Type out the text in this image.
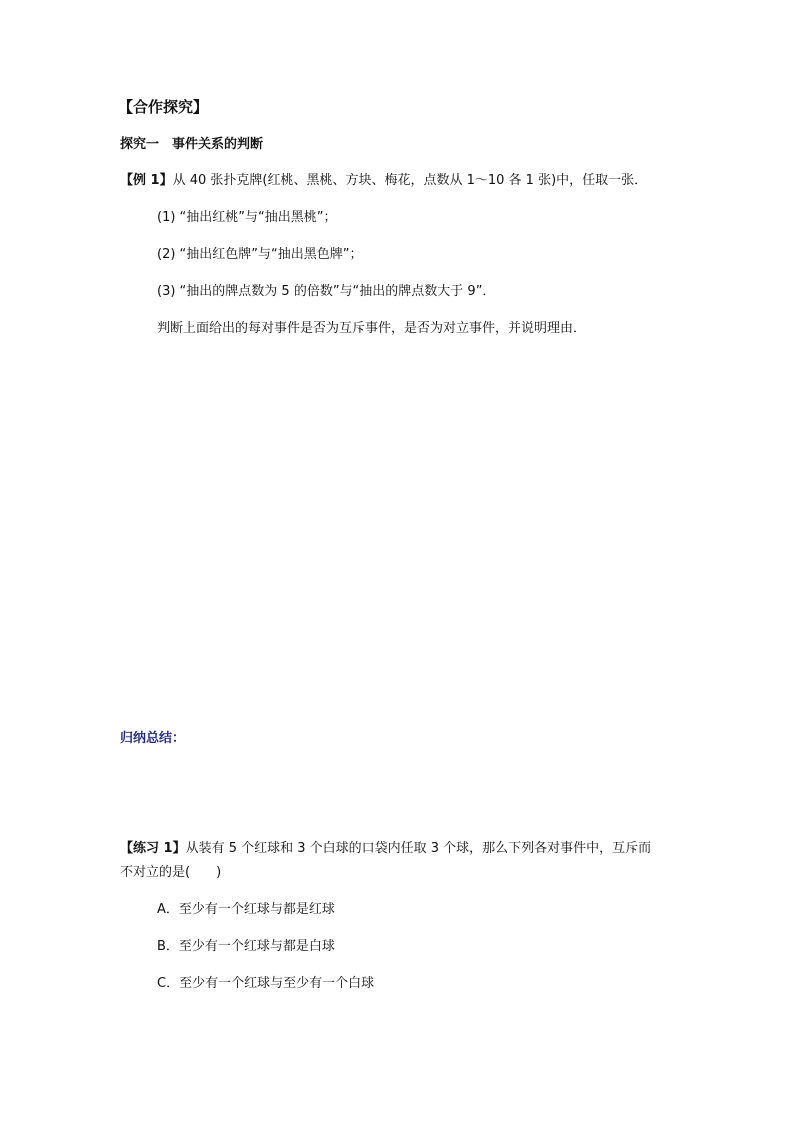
【合作探究】
探究一　事件关系的判断
【例 1】从 40 张扑克牌(红桃、黑桃、方块、梅花，点数从 1～10 各 1 张)中，任取一张．
(1) “抽出红桃”与“抽出黑桃”；
(2) “抽出红色牌”与“抽出黑色牌”；
(3) “抽出的牌点数为 5 的倍数”与“抽出的牌点数大于 9”．
判断上面给出的每对事件是否为互斥事件，是否为对立事件，并说明理由．
归纳总结：
【练习 1】从装有 5 个红球和 3 个白球的口袋内任取 3 个球，那么下列各对事件中，互斥而
不对立的是(　　)
A．至少有一个红球与都是红球
B．至少有一个红球与都是白球
C．至少有一个红球与至少有一个白球
